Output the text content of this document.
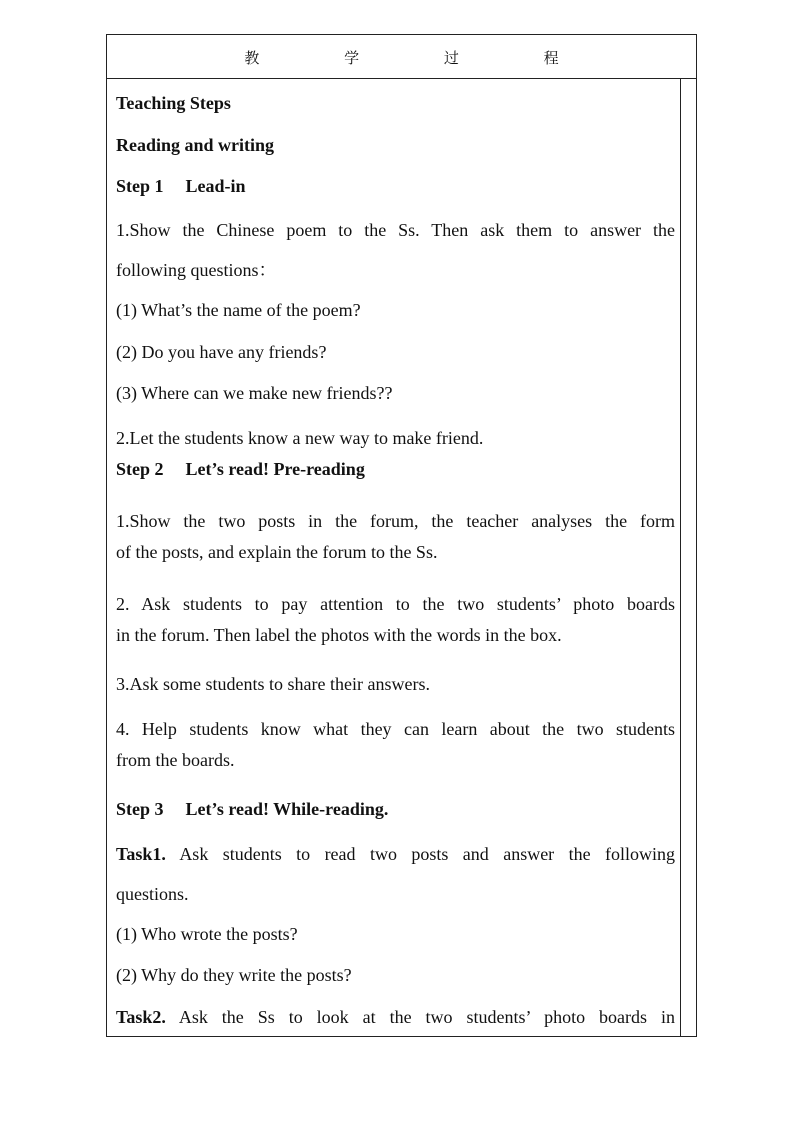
教 学 过 程
Teaching Steps
Reading and writing
Step 1 Lead-in
1.Show the Chinese poem to the Ss. Then ask them to answer the
following questions：
(1) What’s the name of the poem?
(2) Do you have any friends?
(3) Where can we make new friends??
2.Let the students know a new way to make friend.
Step 2 Let’s read! Pre-reading
1.Show the two posts in the forum, the teacher analyses the form
of the posts, and explain the forum to the Ss.
2. Ask students to pay attention to the two students’ photo boards
in the forum. Then label the photos with the words in the box.
3.Ask some students to share their answers.
4. Help students know what they can learn about the two students
from the boards.
Step 3 Let’s read! While-reading.
Task1. Ask students to read two posts and answer the following
questions.
(1) Who wrote the posts?
(2) Why do they write the posts?
Task2. Ask the Ss to look at the two students’ photo boards in
